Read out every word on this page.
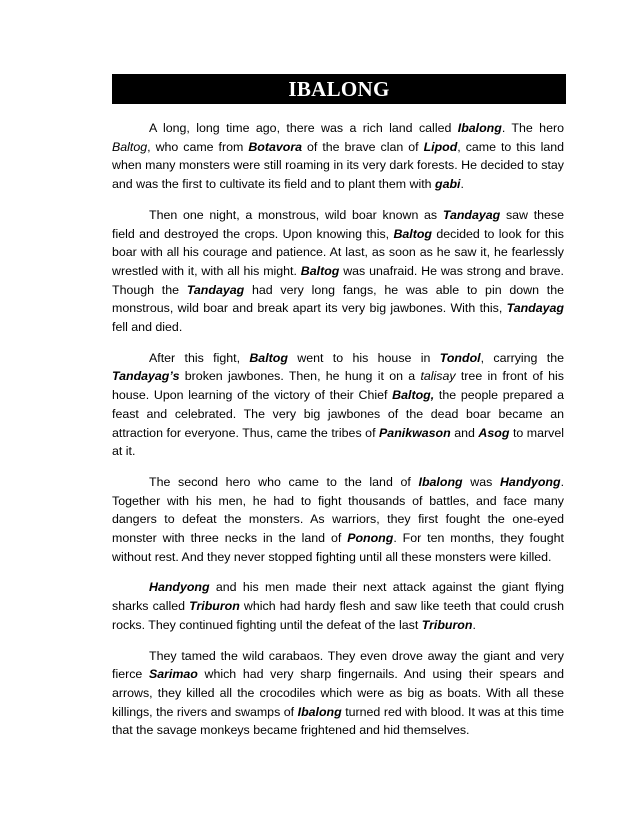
IBALONG

A long, long time ago, there was a rich land called Ibalong. The hero Baltog, who came from Botavora of the brave clan of Lipod, came to this land when many monsters were still roaming in its very dark forests. He decided to stay and was the first to cultivate its field and to plant them with gabi.

Then one night, a monstrous, wild boar known as Tandayag saw these field and destroyed the crops. Upon knowing this, Baltog decided to look for this boar with all his courage and patience. At last, as soon as he saw it, he fearlessly wrestled with it, with all his might. Baltog was unafraid. He was strong and brave. Though the Tandayag had very long fangs, he was able to pin down the monstrous, wild boar and break apart its very big jawbones. With this, Tandayag fell and died.

After this fight, Baltog went to his house in Tondol, carrying the Tandayag’s broken jawbones. Then, he hung it on a talisay tree in front of his house. Upon learning of the victory of their Chief Baltog, the people prepared a feast and celebrated. The very big jawbones of the dead boar became an attraction for everyone. Thus, came the tribes of Panikwason and Asog to marvel at it.

The second hero who came to the land of Ibalong was Handyong. Together with his men, he had to fight thousands of battles, and face many dangers to defeat the monsters. As warriors, they first fought the one-eyed monster with three necks in the land of Ponong. For ten months, they fought without rest. And they never stopped fighting until all these monsters were killed.

Handyong and his men made their next attack against the giant flying sharks called Triburon which had hardy flesh and saw like teeth that could crush rocks. They continued fighting until the defeat of the last Triburon.

They tamed the wild carabaos. They even drove away the giant and very fierce Sarimao which had very sharp fingernails. And using their spears and arrows, they killed all the crocodiles which were as big as boats. With all these killings, the rivers and swamps of Ibalong turned red with blood. It was at this time that the savage monkeys became frightened and hid themselves.
